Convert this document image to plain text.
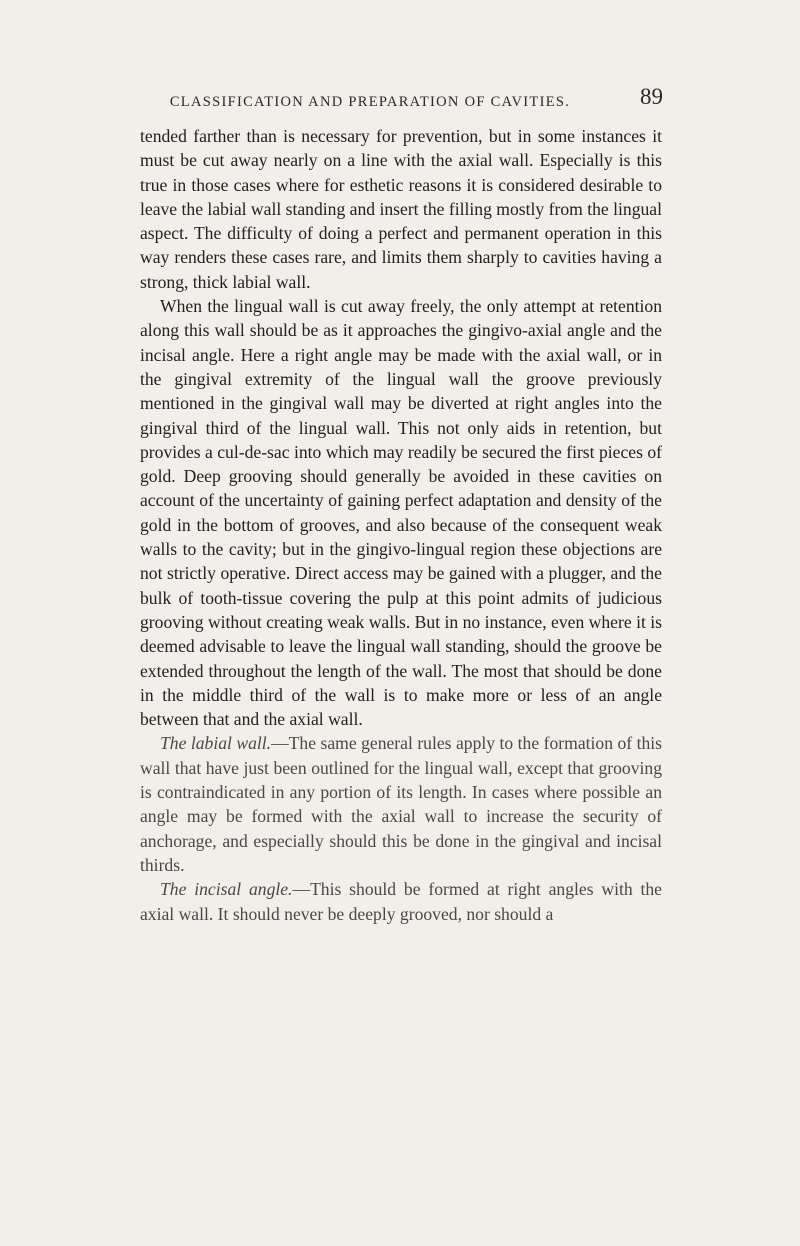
CLASSIFICATION AND PREPARATION OF CAVITIES.	89

tended farther than is necessary for prevention, but in some instances it must be cut away nearly on a line with the axial wall. Especially is this true in those cases where for esthetic reasons it is considered desirable to leave the labial wall standing and insert the filling mostly from the lingual aspect. The difficulty of doing a perfect and permanent operation in this way renders these cases rare, and limits them sharply to cavities having a strong, thick labial wall.

When the lingual wall is cut away freely, the only attempt at retention along this wall should be as it approaches the gingivo-axial angle and the incisal angle. Here a right angle may be made with the axial wall, or in the gingival extremity of the lingual wall the groove previously mentioned in the gingival wall may be diverted at right angles into the gingival third of the lingual wall. This not only aids in retention, but provides a cul-de-sac into which may readily be secured the first pieces of gold. Deep grooving should generally be avoided in these cavities on account of the uncertainty of gaining perfect adaptation and density of the gold in the bottom of grooves, and also because of the consequent weak walls to the cavity; but in the gingivo-lingual region these objections are not strictly operative. Direct access may be gained with a plugger, and the bulk of tooth-tissue covering the pulp at this point admits of judicious grooving without creating weak walls. But in no instance, even where it is deemed advisable to leave the lingual wall standing, should the groove be extended throughout the length of the wall. The most that should be done in the middle third of the wall is to make more or less of an angle between that and the axial wall.

The labial wall.—The same general rules apply to the formation of this wall that have just been outlined for the lingual wall, except that grooving is contraindicated in any portion of its length. In cases where possible an angle may be formed with the axial wall to increase the security of anchorage, and especially should this be done in the gingival and incisal thirds.

The incisal angle.—This should be formed at right angles with the axial wall. It should never be deeply grooved, nor should a
